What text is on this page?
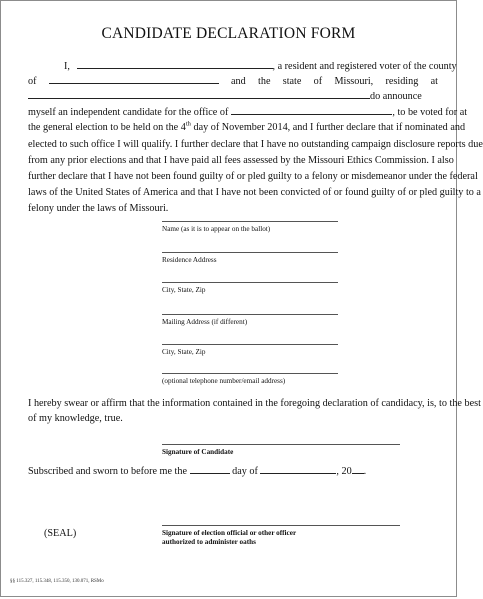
CANDIDATE DECLARATION FORM
I,	, a resident and registered voter of the county
of	and the state of Missouri, residing at
do announce
myself an independent candidate for the office of	, to be voted for at
the general election to be held on the 4th day of November 2014, and I further declare that if nominated and
elected to such office I will qualify. I further declare that I have no outstanding campaign disclosure reports due
from any prior elections and that I have paid all fees assessed by the Missouri Ethics Commission. I also
further declare that I have not been found guilty of or pled guilty to a felony or misdemeanor under the federal
laws of the United States of America and that I have not been convicted of or found guilty of or pled guilty to a
felony under the laws of Missouri.
Name (as it is to appear on the ballot)
Residence Address
City, State, Zip
Mailing Address (if different)
City, State, Zip
(optional telephone number/email address)
I hereby swear or affirm that the information contained in the foregoing declaration of candidacy, is, to the best
of my knowledge, true.
Signature of Candidate
Subscribed and sworn to before me the	day of	, 20 .
(SEAL)	Signature of election official or other officer
authorized to administer oaths
§§ 115.327, 115.348, 115.350, 130.071, RSMo
